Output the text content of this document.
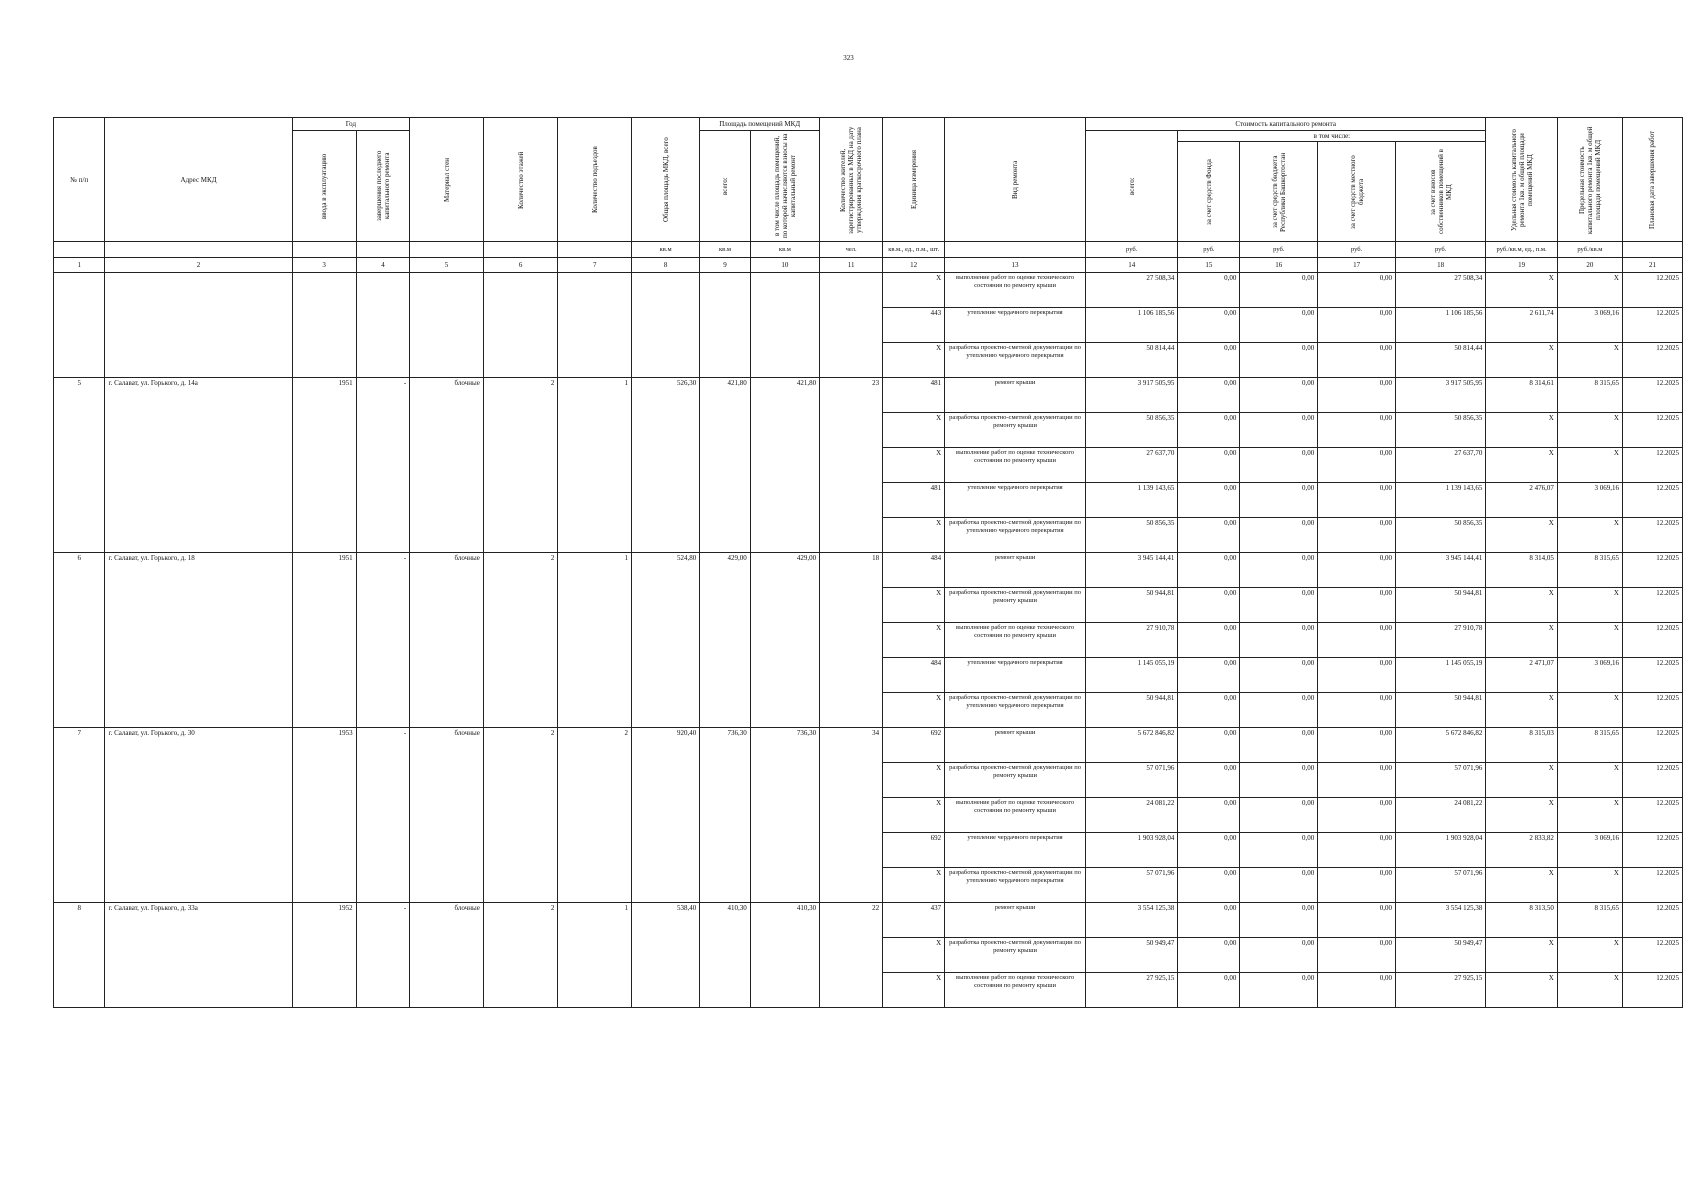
323
№ п/п	Адрес МКД	Год		Материал стен	Количество этажей	Количество подъездов	Общая площадь МКД, всего	Площадь помещений МКД		Количество жителей, зарегистрированных в МКД на дату утверждения краткосрочного плана	Единица измерения	Вид ремонта	Стоимость капитального ремонта					Удельная стоимость капитального ремонта 1кв. м общей площади помещений МКД	Предельная стоимость капитального ремонта 1кв. м общей площади помещений МКД	Плановая дата завершения работ

ввода в эксплуатацию	завершения последнего капитального ремонта					всего:	в том числе площадь помещений, по которой начисляются взносы на капитальный ремонт				всего:	в том числе:						

за счет средств Фонда	за счет средств бюджета Республики Башкортостан	за счет средств местного бюджета	за счет взносов собственников помещений в МКД			

							кв.м	кв.м	кв.м	чел.	кв.м., ед., п.м., шт.		руб.	руб.	руб.	руб.	руб.	руб./кв.м, ед., п.м.	руб./кв.м	
1	2	3	4	5	6	7	8	9	10	11	12	13	14	15	16	17	18	19	20	21
											X	выполнение работ по оценке технического состояния по ремонту крыши	27 508,34	0,00	0,00	0,00	27 508,34	X	X	12.2025
											443	утепление чердачного перекрытия	1 106 185,56	0,00	0,00	0,00	1 106 185,56	2 611,74	3 069,16	12.2025
											X	разработка проектно-сметной документации по утеплению чердачного перекрытия	50 814,44	0,00	0,00	0,00	50 814,44	X	X	12.2025
5	г. Салават, ул. Горького, д. 14а	1951	-	блочные	2	1	526,30	421,80	421,80	23	481	ремонт крыши	3 917 505,95	0,00	0,00	0,00	3 917 505,95	8 314,61	8 315,65	12.2025
											X	разработка проектно-сметной документации по ремонту крыши	50 856,35	0,00	0,00	0,00	50 856,35	X	X	12.2025
											X	выполнение работ по оценке технического состояния по ремонту крыши	27 637,70	0,00	0,00	0,00	27 637,70	X	X	12.2025
											481	утепление чердачного перекрытия	1 139 143,65	0,00	0,00	0,00	1 139 143,65	2 476,07	3 069,16	12.2025
											X	разработка проектно-сметной документации по утеплению чердачного перекрытия	50 856,35	0,00	0,00	0,00	50 856,35	X	X	12.2025
6	г. Салават, ул. Горького, д. 18	1951	-	блочные	2	1	524,80	429,00	429,00	18	484	ремонт крыши	3 945 144,41	0,00	0,00	0,00	3 945 144,41	8 314,05	8 315,65	12.2025
											X	разработка проектно-сметной документации по ремонту крыши	50 944,81	0,00	0,00	0,00	50 944,81	X	X	12.2025
											X	выполнение работ по оценке технического состояния по ремонту крыши	27 910,78	0,00	0,00	0,00	27 910,78	X	X	12.2025
											484	утепление чердачного перекрытия	1 145 055,19	0,00	0,00	0,00	1 145 055,19	2 471,07	3 069,16	12.2025
											X	разработка проектно-сметной документации по утеплению чердачного перекрытия	50 944,81	0,00	0,00	0,00	50 944,81	X	X	12.2025
7	г. Салават, ул. Горького, д. 30	1953	-	блочные	2	2	920,40	736,30	736,30	34	692	ремонт крыши	5 672 846,82	0,00	0,00	0,00	5 672 846,82	8 315,03	8 315,65	12.2025
											X	разработка проектно-сметной документации по ремонту крыши	57 071,96	0,00	0,00	0,00	57 071,96	X	X	12.2025
											X	выполнение работ по оценке технического состояния по ремонту крыши	24 081,22	0,00	0,00	0,00	24 081,22	X	X	12.2025
											692	утепление чердачного перекрытия	1 903 928,04	0,00	0,00	0,00	1 903 928,04	2 833,82	3 069,16	12.2025
											X	разработка проектно-сметной документации по утеплению чердачного перекрытия	57 071,96	0,00	0,00	0,00	57 071,96	X	X	12.2025
8	г. Салават, ул. Горького, д. 33а	1952	-	блочные	2	1	538,40	410,30	410,30	22	437	ремонт крыши	3 554 125,38	0,00	0,00	0,00	3 554 125,38	8 313,50	8 315,65	12.2025
											X	разработка проектно-сметной документации по ремонту крыши	50 949,47	0,00	0,00	0,00	50 949,47	X	X	12.2025
											X	выполнение работ по оценке технического состояния по ремонту крыши	27 925,15	0,00	0,00	0,00	27 925,15	X	X	12.2025
